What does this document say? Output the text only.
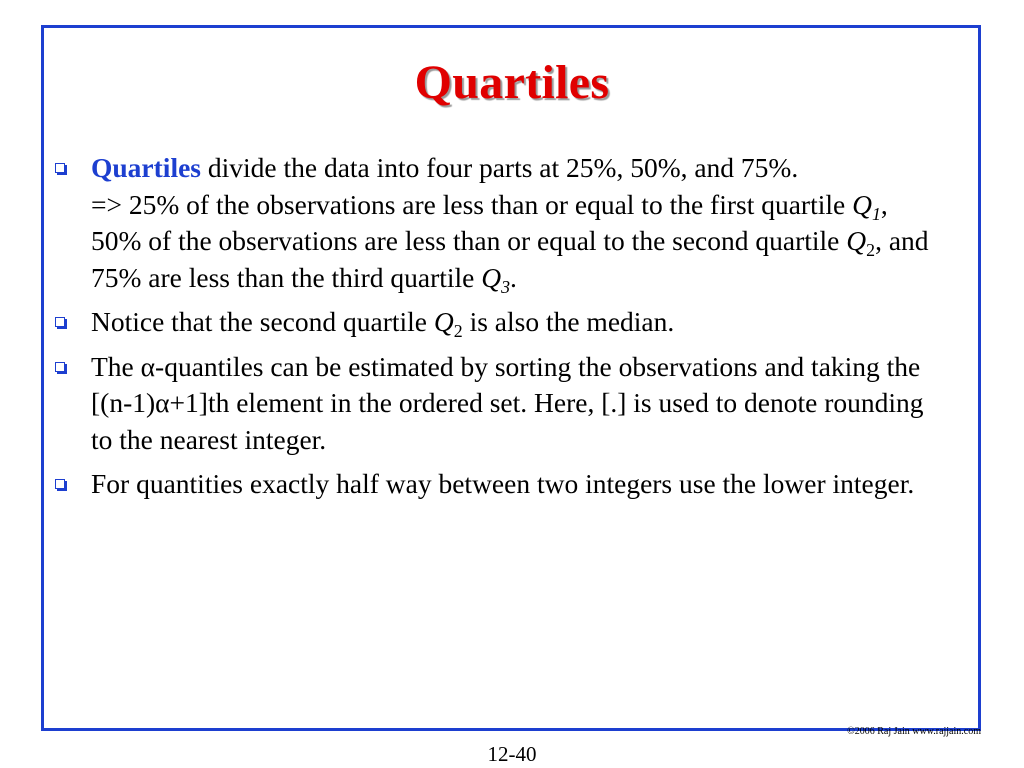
Quartiles
Quartiles divide the data into four parts at 25%, 50%, and 75%.
=> 25% of the observations are less than or equal to the first quartile $Q_1$,
50% of the observations are less than or equal to the second quartile $Q_2$, and
75% are less than the third quartile $Q_3$.
Notice that the second quartile $Q_2$ is also the median.
The α-quantiles can be estimated by sorting the observations and taking the [(n-1)α+1]th element in the ordered set. Here, [.] is used to denote rounding to the nearest integer.
For quantities exactly half way between two integers use the lower integer.
©2006 Raj Jain www.rajjain.com
12-40
